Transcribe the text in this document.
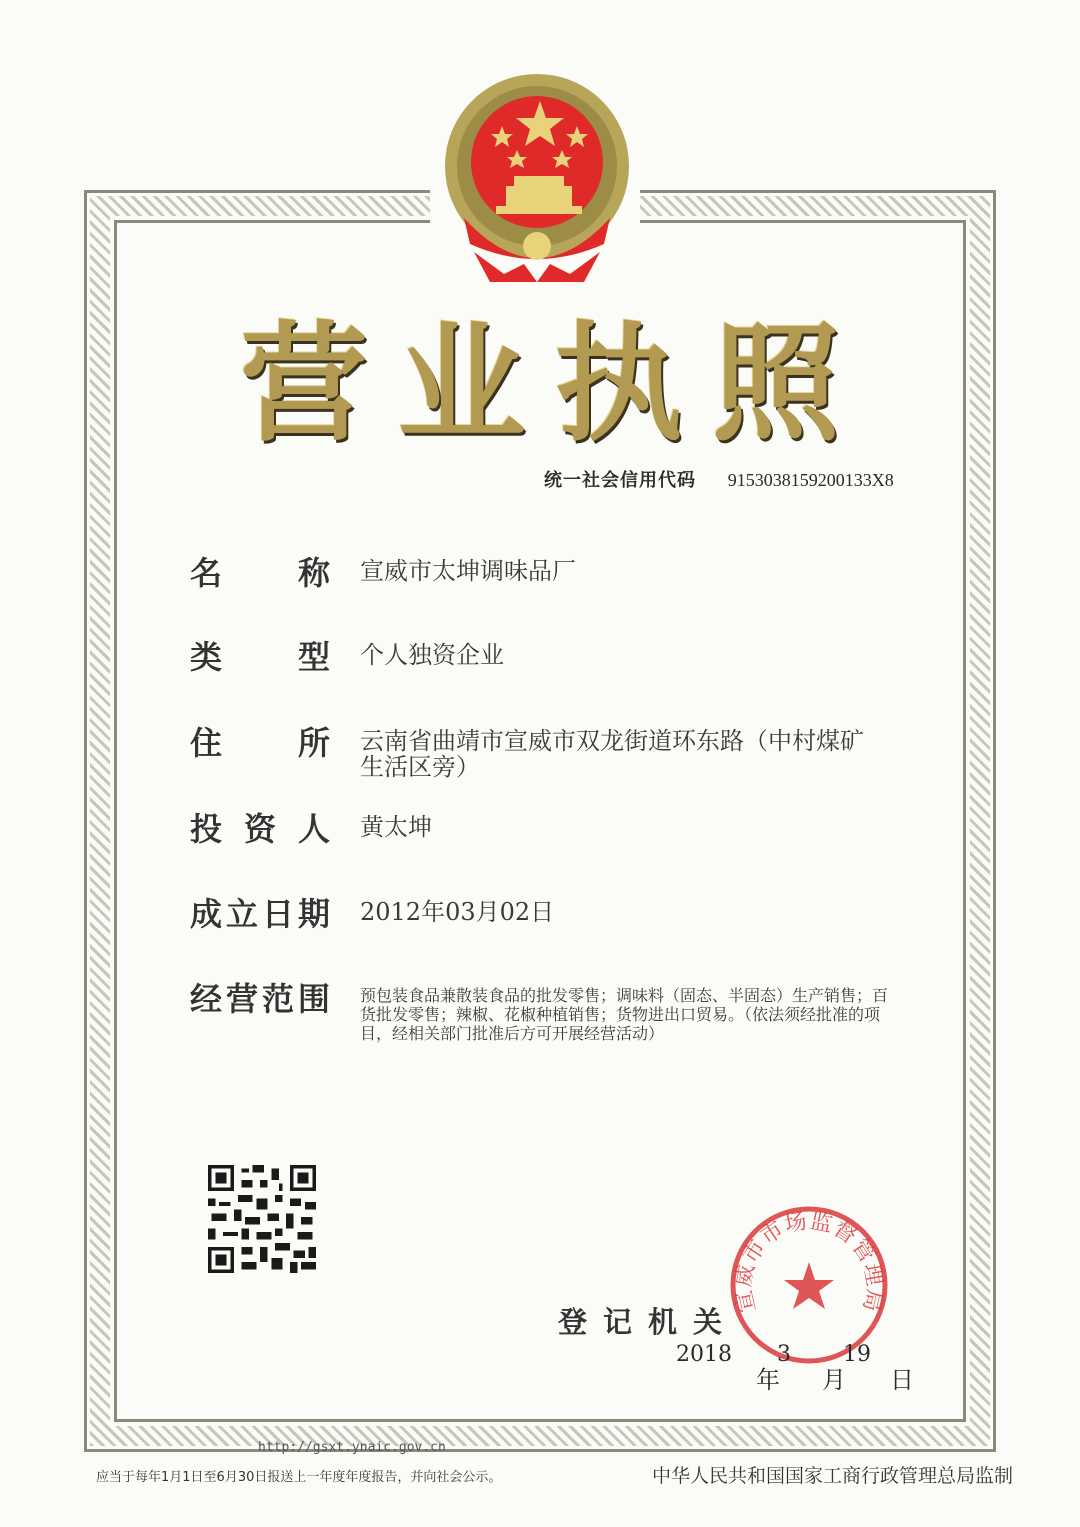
营 业 执 照
统一社会信用代码 915303815920013​3X8
名 称 宣威市太坤调味品厂
类 型 个人独资企业
住 所 云南省曲靖市宣威市双龙街道环东路（中村煤矿生活区旁）
投 资 人 黄太坤
成 立 日 期 2012年03月02日
经 营 范 围 预包装食品兼散装食品的批发零售；调味料（固态、半固态）生产销售；百货批发零售；辣椒、花椒种植销售；货物进出口贸易。（依法须经批准的项目，经相关部门批准后方可开展经营活动）
登记机关
宣威市市场监督管理局
2018
年
3
月
19
日
http://gsxt.ynaic.gov.cn
应当于每年1月1日至6月30日报送上一年度年度报告，并向社会公示。	中华人民共和国国家工商行政管理总局监制
